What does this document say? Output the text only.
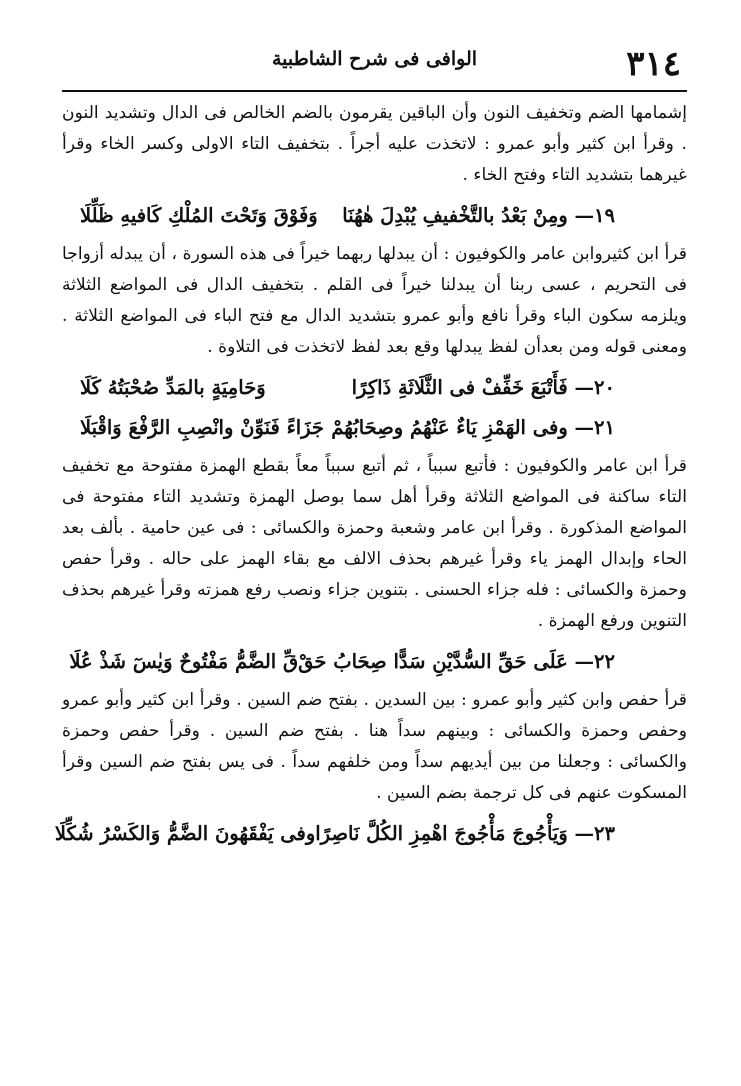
٣١٤
الوافى فى شرح الشاطبية

إشمامها الضم وتخفيف النون وأن الباقين يقرمون بالضم الخالص فى الدال وتشديد النون . وقرأ ابن كثير وأبو عمرو : لاتخذت عليه أجراً . بتخفيف التاء الاولى وكسر الخاء وقرأ غيرهما بتشديد التاء وفتح الخاء .

١٩— ومِنْ بَعْدُ بالتَّخْفيفِ يُبْدِلَ هٰهُنَا
وَفَوْقَ وَتَحْتَ المُلْكِ كَافيهِ ظَلِّلَا

قرأ ابن كثيروابن عامر والكوفيون : أن يبدلها ربهما خيراً فى هذه السورة ، أن يبدله أزواجا فى التحريم ، عسى ربنا أن يبدلنا خيراً فى القلم . بتخفيف الدال فى المواضع الثلاثة ويلزمه سكون الباء وقرأ نافع وأبو عمرو بتشديد الدال مع فتح الباء فى المواضع الثلاثة . ومعنى قوله ومن بعدأن لفظ يبدلها وقع بعد لفظ لاتخذت فى التلاوة .

٢٠— فَأَتْبَعَ خَفِّفْ فى الثَّلَاثَةِ ذَاكِرًا
وَحَامِيَةٍ بالمَدِّ صُحْبَتُهُ كَلَا
٢١— وفى الهَمْزِ يَاءٌ عَنْهُمُ وصِحَابُهُمْ
جَزَاءً فَنَوِّنْ وانْصِبِ الرَّفْعَ وَاقْبَلَا

قرأ ابن عامر والكوفيون : فأتبع سبباً ، ثم أتبع سبباً معاً بقطع الهمزة مفتوحة مع تخفيف التاء ساكنة فى المواضع الثلاثة وقرأ أهل سما بوصل الهمزة وتشديد التاء مفتوحة فى المواضع المذكورة . وقرأ ابن عامر وشعبة وحمزة والكسائى : فى عين حامية . بألف بعد الحاء وإبدال الهمز ياء وقرأ غيرهم بحذف الالف مع بقاء الهمز على حاله . وقرأ حفص وحمزة والكسائى : فله جزاء الحسنى . بتنوين جزاء ونصب رفع همزته وقرأ غيرهم بحذف التنوين ورفع الهمزة .

٢٢— عَلَى حَقِّ السُّدَّيْنِ سَدًّا صِحَابُ حَقْ
قِّ الضَّمُّ مَفْتُوحٌ وَيٰسٓ شَذْ عُلَا

قرأ حفص وابن كثير وأبو عمرو : بين السدين . بفتح ضم السين . وقرأ ابن كثير وأبو عمرو وحفص وحمزة والكسائى : وبينهم سداً هنا . بفتح ضم السين . وقرأ حفص وحمزة والكسائى : وجعلنا من بين أيديهم سداً ومن خلفهم سداً . فى يس بفتح ضم السين وقرأ المسكوت عنهم فى كل ترجمة بضم السين .

٢٣— وَيَأْجُوجَ مَأْجُوجَ اهْمِزِ الكُلَّ نَاصِرًا
وفى يَفْقَهُونَ الضَّمُّ وَالكَسْرُ شُكِّلَا
